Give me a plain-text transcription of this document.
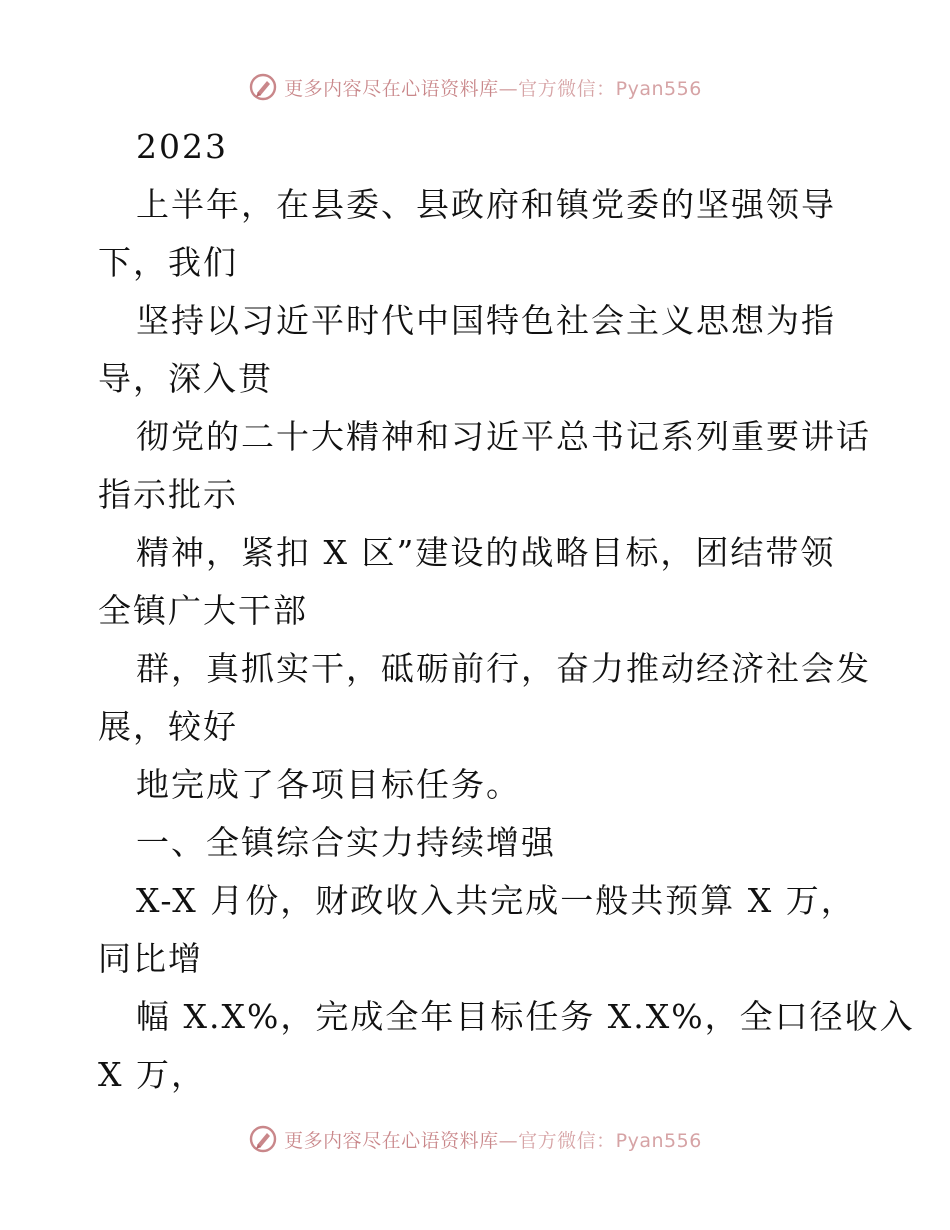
更多内容尽在心语资料库 —官方微信：Pyan556
2023
上半年，在县委、县政府和镇党委的坚强领导
下，我们
坚持以习近平时代中国特色社会主义思想为指
导，深入贯
彻党的二十大精神和习近平总书记系列重要讲话
指示批示
精神，紧扣 X 区”建设的战略目标，团结带领
全镇广大干部
群，真抓实干，砥砺前行，奋力推动经济社会发
展，较好
地完成了各项目标任务。
一、全镇综合实力持续增强
X-X 月份，财政收入共完成一般共预算 X 万，
同比增
幅 X.X%，完成全年目标任务 X.X%，全口径收入
X 万，
更多内容尽在心语资料库 —官方微信：Pyan556
